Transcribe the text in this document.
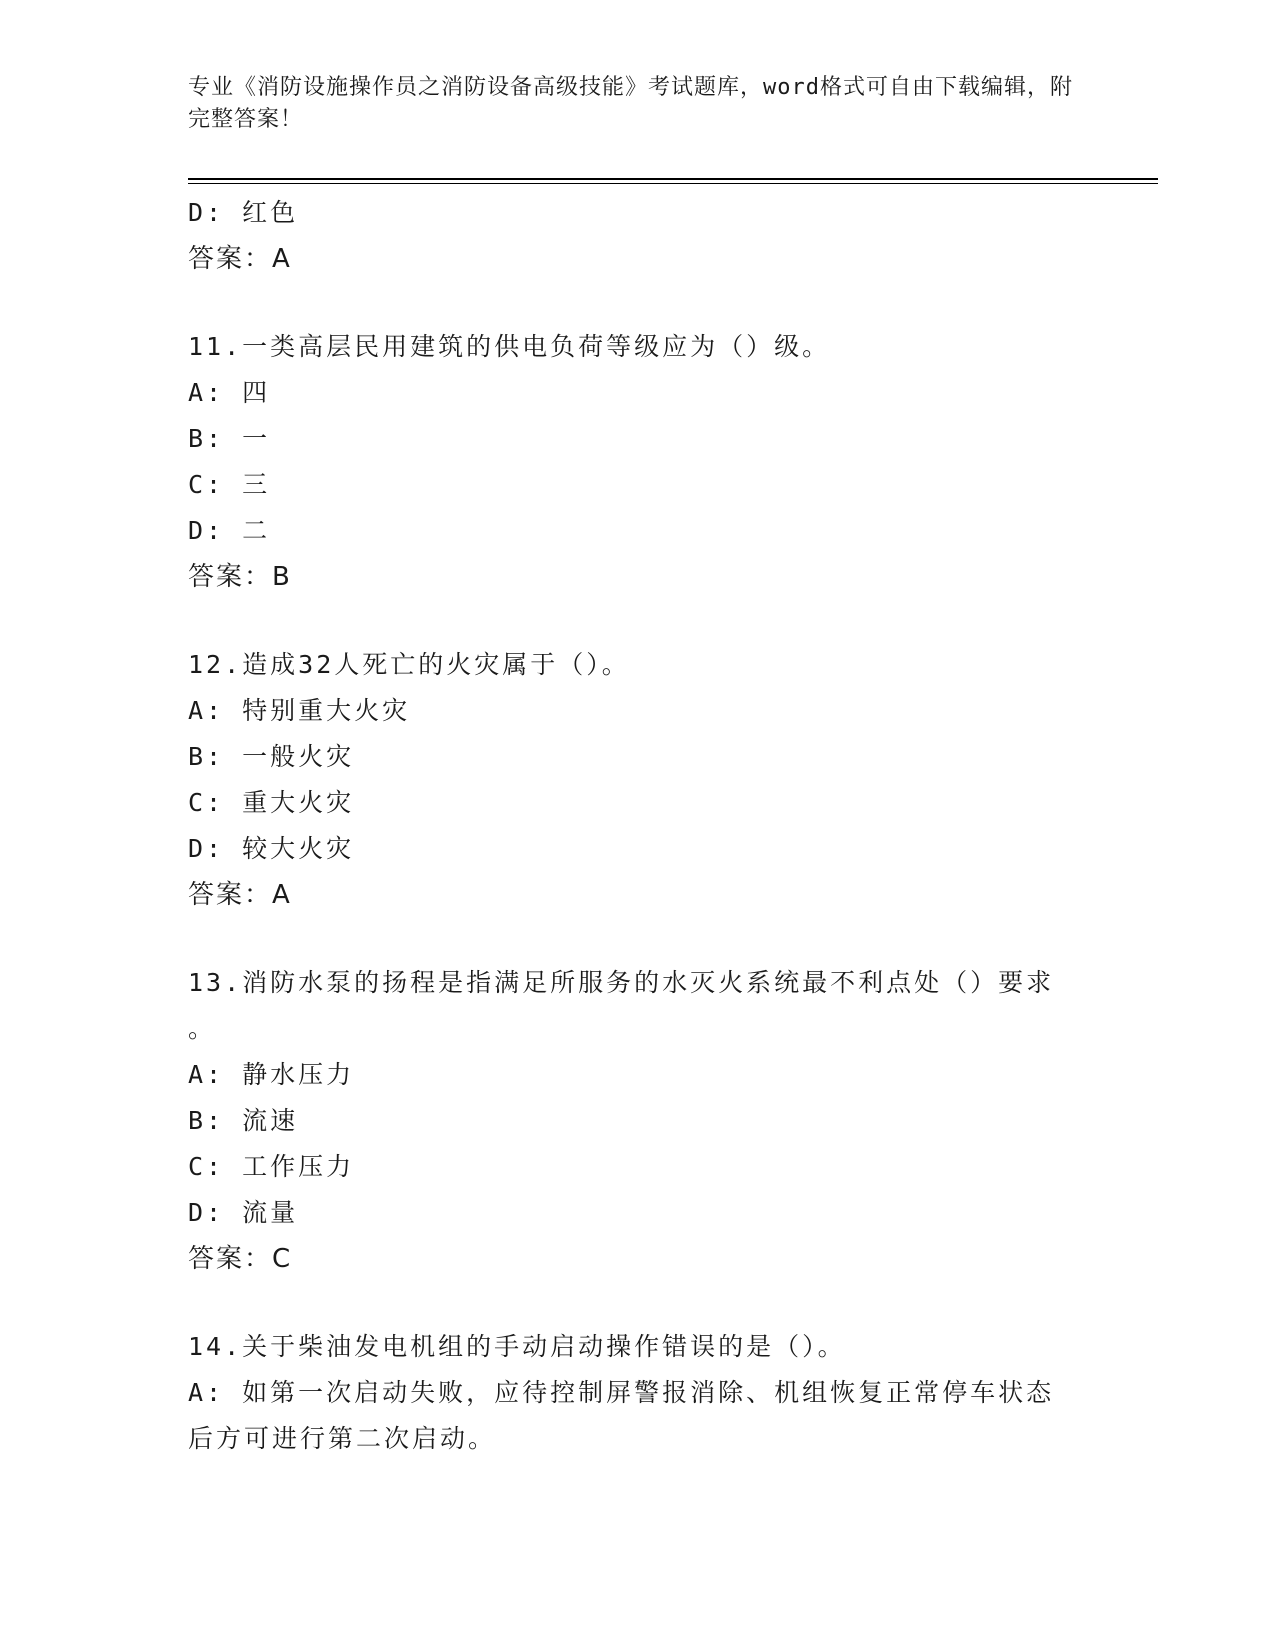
专业《消防设施操作员之消防设备高级技能》考试题库，word格式可自由下载编辑，附完整答案！
D: 红色
答案：A
11.一类高层民用建筑的供电负荷等级应为（）级。
A: 四
B: 一
C: 三
D: 二
答案：B
12.造成32人死亡的火灾属于（）。
A: 特别重大火灾
B: 一般火灾
C: 重大火灾
D: 较大火灾
答案：A
13.消防水泵的扬程是指满足所服务的水灭火系统最不利点处（）要求
。
A: 静水压力
B: 流速
C: 工作压力
D: 流量
答案：C
14.关于柴油发电机组的手动启动操作错误的是（）。
A: 如第一次启动失败，应待控制屏警报消除、机组恢复正常停车状态
后方可进行第二次启动。
